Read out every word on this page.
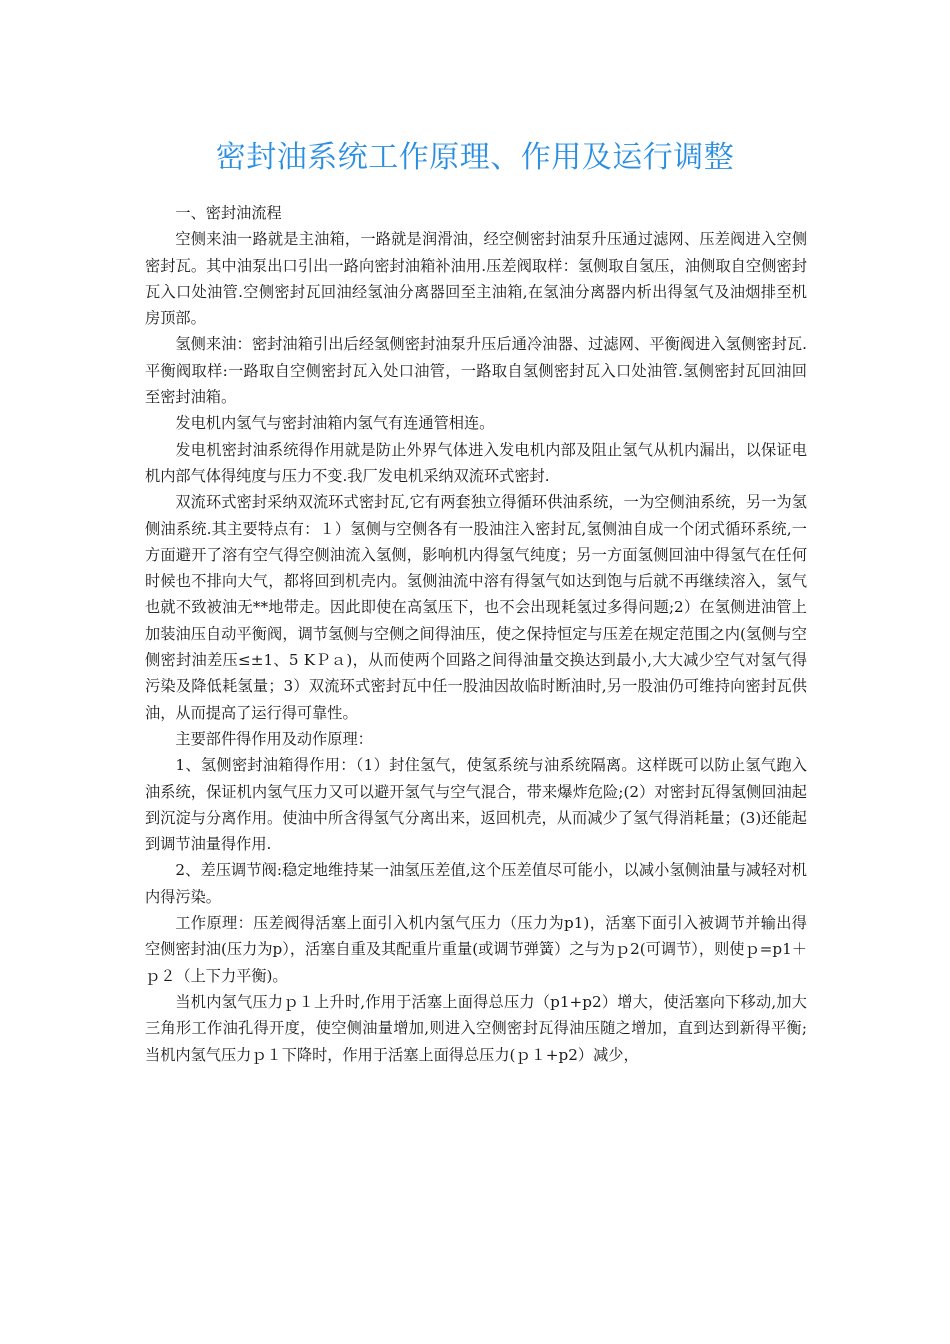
密封油系统工作原理、作用及运行调整

一、密封油流程

空侧来油一路就是主油箱，一路就是润滑油，经空侧密封油泵升压通过滤网、压差阀进入空侧密封瓦。其中油泵出口引出一路向密封油箱补油用.压差阀取样：氢侧取自氢压，油侧取自空侧密封瓦入口处油管.空侧密封瓦回油经氢油分离器回至主油箱,在氢油分离器内析出得氢气及油烟排至机房顶部。

氢侧来油：密封油箱引出后经氢侧密封油泵升压后通冷油器、过滤网、平衡阀进入氢侧密封瓦.平衡阀取样:一路取自空侧密封瓦入处口油管，一路取自氢侧密封瓦入口处油管.氢侧密封瓦回油回至密封油箱。

发电机内氢气与密封油箱内氢气有连通管相连。

发电机密封油系统得作用就是防止外界气体进入发电机内部及阻止氢气从机内漏出，以保证电机内部气体得纯度与压力不变.我厂发电机采纳双流环式密封.

双流环式密封采纳双流环式密封瓦,它有两套独立得循环供油系统，一为空侧油系统，另一为氢侧油系统.其主要特点有：１）氢侧与空侧各有一股油注入密封瓦,氢侧油自成一个闭式循环系统,一方面避开了溶有空气得空侧油流入氢侧，影响机内得氢气纯度；另一方面氢侧回油中得氢气在任何时候也不排向大气，都将回到机壳内。氢侧油流中溶有得氢气如达到饱与后就不再继续溶入，氢气也就不致被油无**地带走。因此即使在高氢压下，也不会出现耗氢过多得问题;2）在氢侧进油管上加装油压自动平衡阀，调节氢侧与空侧之间得油压，使之保持恒定与压差在规定范围之内(氢侧与空侧密封油差压≤±1、5 KＰａ)，从而使两个回路之间得油量交换达到最小,大大减少空气对氢气得污染及降低耗氢量；3）双流环式密封瓦中任一股油因故临时断油时,另一股油仍可维持向密封瓦供油，从而提高了运行得可靠性。

主要部件得作用及动作原理：

1、氢侧密封油箱得作用：（1）封住氢气，使氢系统与油系统隔离。这样既可以防止氢气跑入油系统，保证机内氢气压力又可以避开氢气与空气混合，带来爆炸危险;(2）对密封瓦得氢侧回油起到沉淀与分离作用。使油中所含得氢气分离出来，返回机壳，从而减少了氢气得消耗量；(3)还能起到调节油量得作用.

2、差压调节阀:稳定地维持某一油氢压差值,这个压差值尽可能小，以减小氢侧油量与减轻对机内得污染。

工作原理：压差阀得活塞上面引入机内氢气压力（压力为p1)，活塞下面引入被调节并输出得空侧密封油(压力为p），活塞自重及其配重片重量(或调节弹簧）之与为ｐ2(可调节），则使ｐ=p1＋ｐ２（上下力平衡)。

当机内氢气压力ｐ１上升时,作用于活塞上面得总压力（p1+p2）增大，使活塞向下移动,加大三角形工作油孔得开度，使空侧油量增加,则进入空侧密封瓦得油压随之增加，直到达到新得平衡;当机内氢气压力ｐ１下降时，作用于活塞上面得总压力(ｐ１+p2）减少，
